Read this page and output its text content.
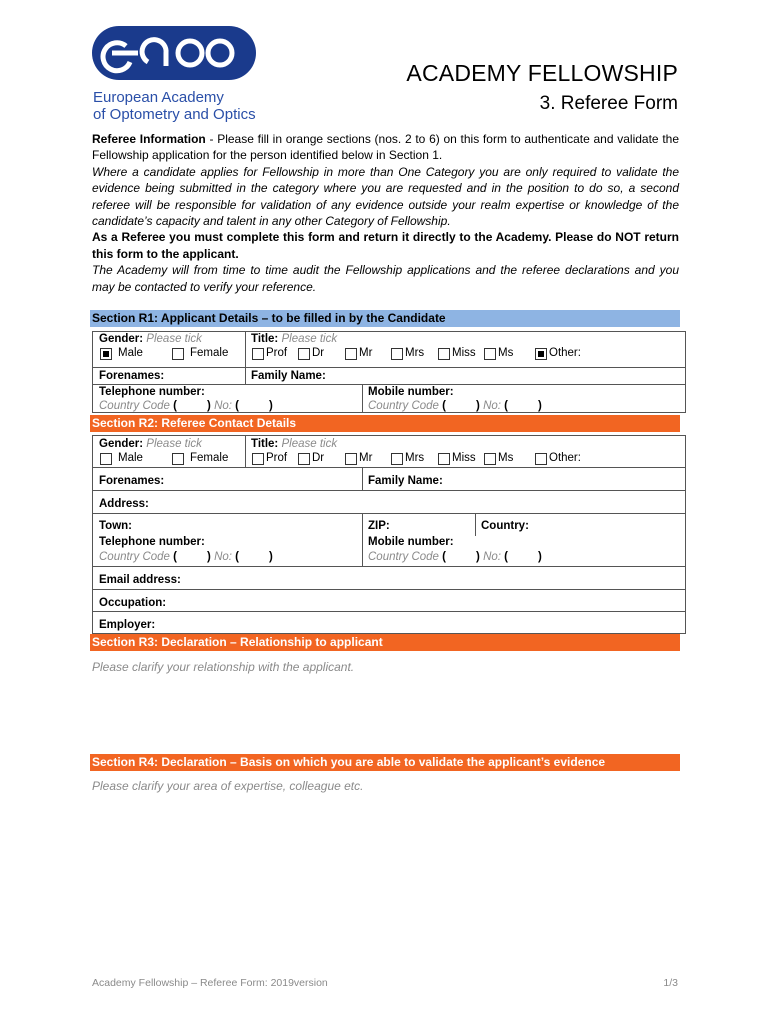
European Academy
of Optometry and Optics
ACADEMY FELLOWSHIP
3. Referee Form

Referee Information - Please fill in orange sections (nos. 2 to 6) on this form to authenticate and validate the Fellowship application for the person identified below in Section 1.

Where a candidate applies for Fellowship in more than One Category you are only required to validate the evidence being submitted in the category where you are requested and in the position to do so, a second referee will be responsible for validation of any evidence outside your realm expertise or knowledge of the candidate’s capacity and talent in any other Category of Fellowship.

As a Referee you must complete this form and return it directly to the Academy. Please do NOT return this form to the applicant.

The Academy will from time to time audit the Fellowship applications and the referee declarations and you may be contacted to verify your reference.

Section R1: Applicant Details – to be filled in by the Candidate
Gender: Please tick
Male	Female
Title: Please tick
Prof Dr	Mr	Mrs Miss Ms	Other:
Forenames:	Family Name:
Telephone number:
Country Code (	) No: (	)
Mobile number:
Country Code (	) No: (	)
Section R2: Referee Contact Details
Gender: Please tick
Male	Female
Title: Please tick
Prof Dr	Mr	Mrs Miss Ms	Other:
Forenames:	Family Name:
Address:
Town:	ZIP:	Country:
Telephone number:
Country Code (	) No: (	)
Mobile number:
Country Code (	) No: (	)
Email address:
Occupation:
Employer:
Section R3: Declaration – Relationship to applicant
Please clarify your relationship with the applicant.
Section R4: Declaration – Basis on which you are able to validate the applicant’s evidence
Please clarify your area of expertise, colleague etc.
Academy Fellowship – Referee Form: 2019version	1/3
